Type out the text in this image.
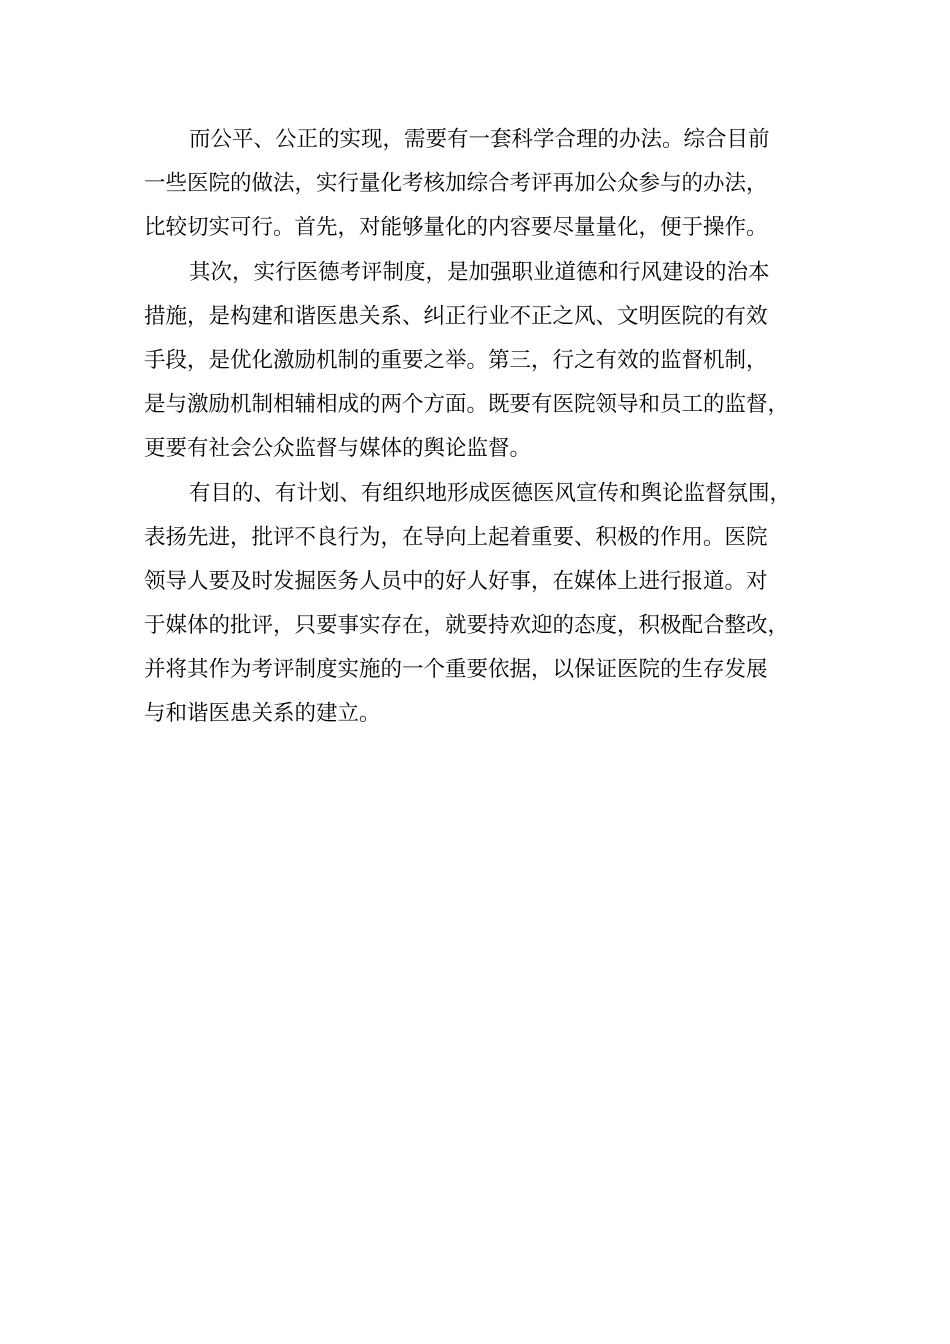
而公平、公正的实现，需要有一套科学合理的办法。综合目前
一些医院的做法，实行量化考核加综合考评再加公众参与的办法，
比较切实可行。首先，对能够量化的内容要尽量量化，便于操作。
其次，实行医德考评制度，是加强职业道德和行风建设的治本
措施，是构建和谐医患关系、纠正行业不正之风、文明医院的有效
手段，是优化激励机制的重要之举。第三，行之有效的监督机制，
是与激励机制相辅相成的两个方面。既要有医院领导和员工的监督，
更要有社会公众监督与媒体的舆论监督。
有目的、有计划、有组织地形成医德医风宣传和舆论监督氛围，
表扬先进，批评不良行为，在导向上起着重要、积极的作用。医院
领导人要及时发掘医务人员中的好人好事，在媒体上进行报道。对
于媒体的批评，只要事实存在，就要持欢迎的态度，积极配合整改，
并将其作为考评制度实施的一个重要依据，以保证医院的生存发展
与和谐医患关系的建立。
